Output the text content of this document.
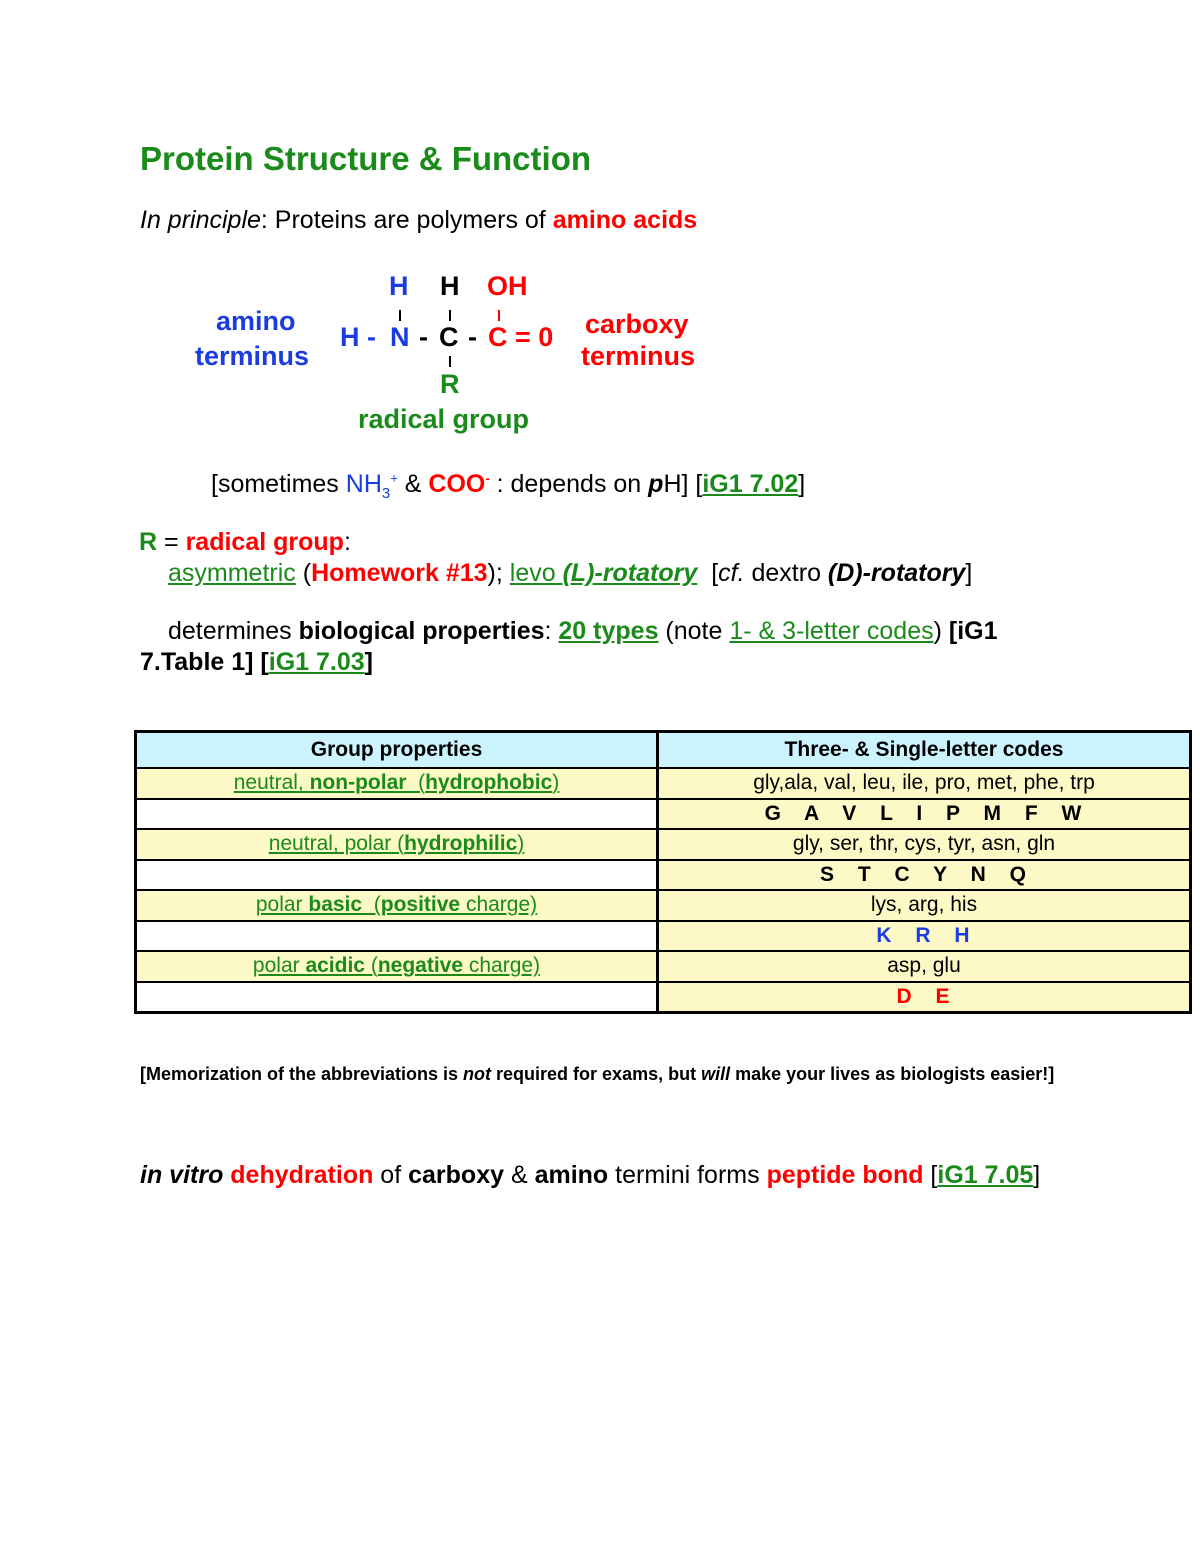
Protein Structure & Function
In principle: Proteins are polymers of amino acids
amino
terminus
H H OH
H - N - C - C = 0
R
carboxy
terminus
radical group
[sometimes $NH_3^+$ & COO- : depends on pH] [iG1 7.02]
R = radical group:
asymmetric (Homework #13); levo (L)-rotatory  [cf. dextro (D)-rotatory]
determines biological properties: 20 types (note 1- & 3-letter codes) [iG1
7.Table 1] [iG1 7.03]
Group properties	Three- & Single-letter codes
neutral, non-polar  (hydrophobic)	gly,ala, val, leu, ile, pro, met, phe, trp
	G A V L I P M F W
neutral, polar (hydrophilic)	gly, ser, thr, cys, tyr, asn, gln
	S T C Y N Q
polar basic  (positive charge)	lys, arg, his
	K R H
polar acidic (negative charge)	asp, glu
	D E
[Memorization of the abbreviations is not required for exams, but will make your lives as biologists easier!]
in vitro dehydration of carboxy & amino termini forms peptide bond [iG1 7.05]
